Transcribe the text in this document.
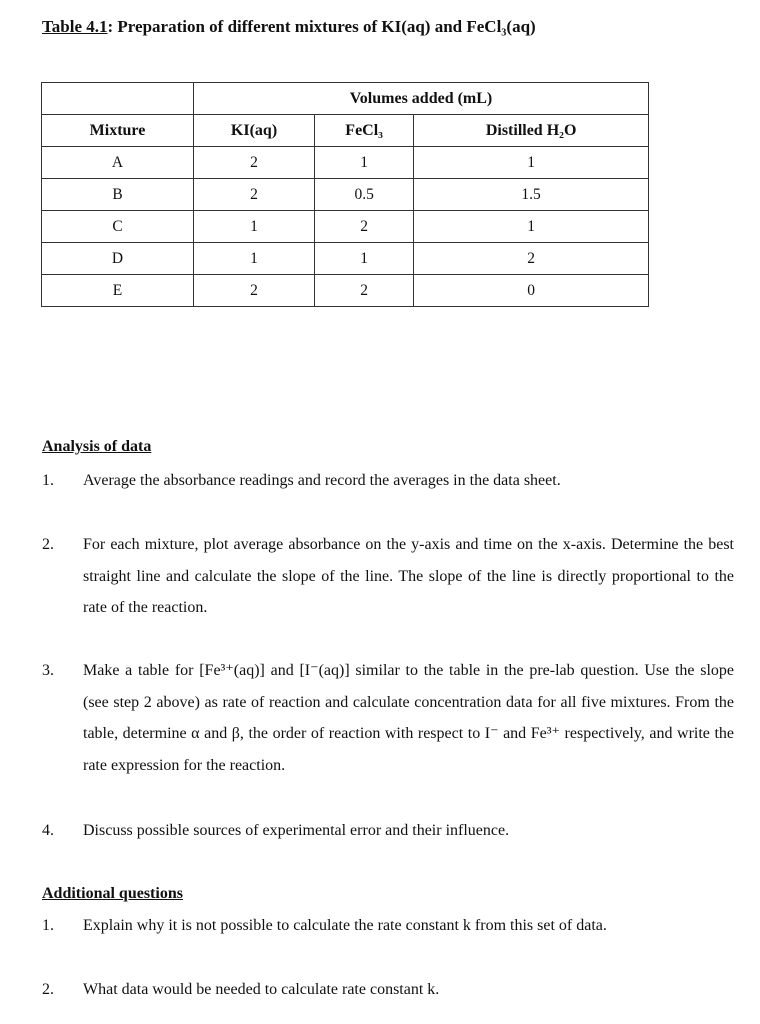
Table 4.1: Preparation of different mixtures of KI(aq) and FeCl₃(aq)
	Volumes added (mL)		
Mixture	KI(aq)	FeCl₃	Distilled H₂O
A	2	1	1
B	2	0.5	1.5
C	1	2	1
D	1	1	2
E	2	2	0
Analysis of data
1. Average the absorbance readings and record the averages in the data sheet.
2. For each mixture, plot average absorbance on the y-axis and time on the x-axis. Determine the best straight line and calculate the slope of the line. The slope of the line is directly proportional to the rate of the reaction.
3. Make a table for [Fe³⁺(aq)] and [I⁻(aq)] similar to the table in the pre-lab question. Use the slope (see step 2 above) as rate of reaction and calculate concentration data for all five mixtures. From the table, determine α and β, the order of reaction with respect to I⁻ and Fe³⁺ respectively, and write the rate expression for the reaction.
4. Discuss possible sources of experimental error and their influence.
Additional questions
1. Explain why it is not possible to calculate the rate constant k from this set of data.
2. What data would be needed to calculate rate constant k.
